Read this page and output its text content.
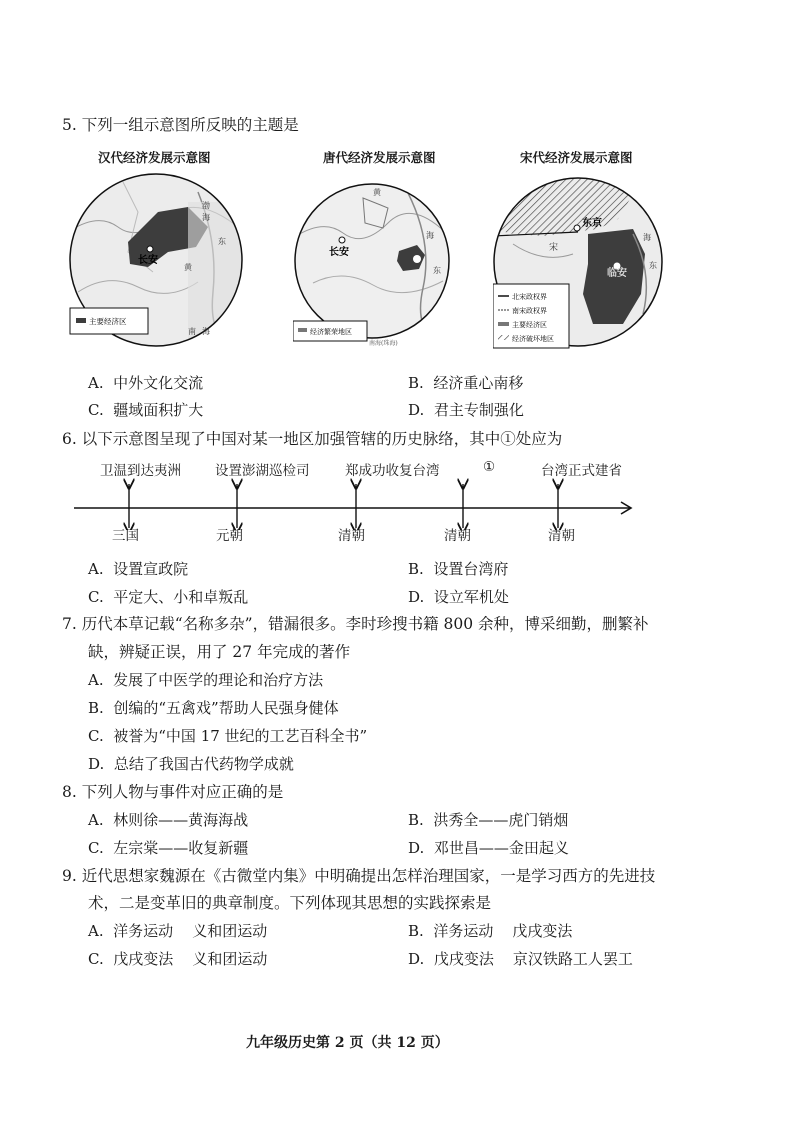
5. 下列一组示意图所反映的主题是
汉代经济发展示意图	唐代经济发展示意图	宋代经济发展示意图
长安
渤
海
黄
东
南 海
主要经济区
长安
黄
海
东
南海(珠海)
经济繁荣地区
东京
临安
宋
海
东
北宋政权界
南宋政权界
主要经济区
经济破坏地区
A. 中外文化交流	B. 经济重心南移
C. 疆域面积扩大	D. 君主专制强化
6. 以下示意图呈现了中国对某一地区加强管辖的历史脉络，其中①处应为
卫温到达夷洲	设置澎湖巡检司	郑成功收复台湾	①	台湾正式建省
三国	元朝	清朝	清朝	清朝
A. 设置宣政院	B. 设置台湾府
C. 平定大、小和卓叛乱	D. 设立军机处
7. 历代本草记载“名称多杂”，错漏很多。李时珍搜书籍 800 余种，博采细勤，删繁补
缺，辨疑正误，用了 27 年完成的著作
A. 发展了中医学的理论和治疗方法
B. 创编的“五禽戏”帮助人民强身健体
C. 被誉为“中国 17 世纪的工艺百科全书”
D. 总结了我国古代药物学成就
8. 下列人物与事件对应正确的是
A. 林则徐——黄海海战	B. 洪秀全——虎门销烟
C. 左宗棠——收复新疆	D. 邓世昌——金田起义
9. 近代思想家魏源在《古微堂内集》中明确提出怎样治理国家，一是学习西方的先进技
术，二是变革旧的典章制度。下列体现其思想的实践探索是
A. 洋务运动    义和团运动	B. 洋务运动    戊戌变法
C. 戊戌变法    义和团运动	D. 戊戌变法    京汉铁路工人罢工
九年级历史第 2 页（共 12 页）
